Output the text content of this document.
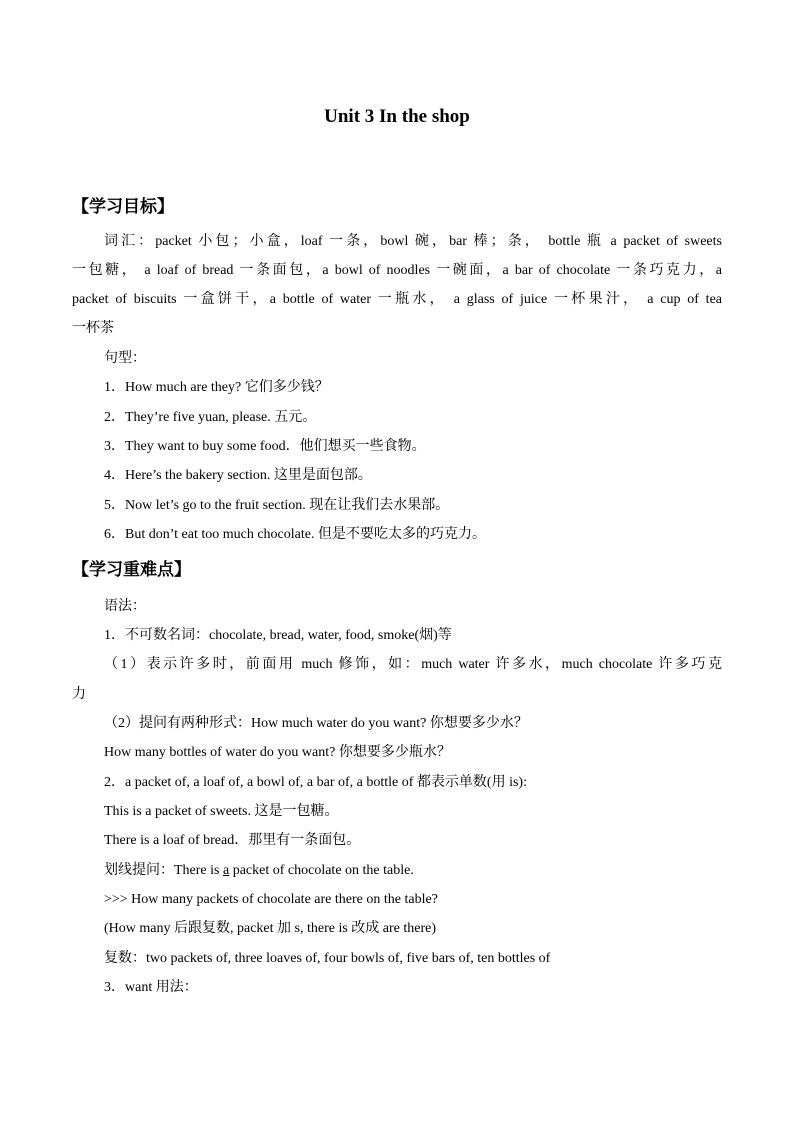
Unit 3 In the shop
【学习目标】
词汇：packet 小包；小盒，loaf 一条，bowl 碗，bar 棒；条， bottle 瓶 a packet of sweets
一包糖， a loaf of bread 一条面包，a bowl of noodles 一碗面，a bar of chocolate 一条巧克力，a
packet of biscuits 一盒饼干，a bottle of water 一瓶水， a glass of juice 一杯果汁， a cup of tea
一杯茶
句型：
1．How much are they? 它们多少钱？
2．They’re five yuan, please. 五元。
3．They want to buy some food．他们想买一些食物。
4．Here’s the bakery section. 这里是面包部。
5．Now let’s go to the fruit section. 现在让我们去水果部。
6．But don’t eat too much chocolate. 但是不要吃太多的巧克力。
【学习重难点】
语法：
1．不可数名词：chocolate, bread, water, food, smoke(烟)等
（1）表示许多时，前面用 much 修饰，如：much water 许多水，much chocolate 许多巧克
力
（2）提问有两种形式：How much water do you want? 你想要多少水？
How many bottles of water do you want? 你想要多少瓶水？
2．a packet of, a loaf of, a bowl of, a bar of, a bottle of 都表示单数(用 is):
This is a packet of sweets. 这是一包糖。
There is a loaf of bread．那里有一条面包。
划线提问：There is a packet of chocolate on the table.
>>> How many packets of chocolate are there on the table?
(How many 后跟复数, packet 加 s, there is 改成 are there)
复数：two packets of, three loaves of, four bowls of, five bars of, ten bottles of
3．want 用法：
